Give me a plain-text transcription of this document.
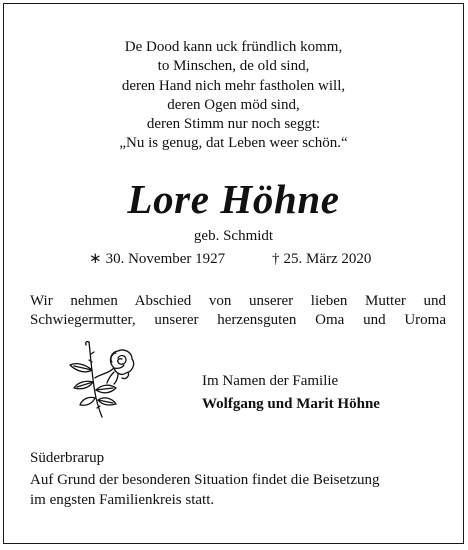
De Dood kann uck fründlich komm,
to Minschen, de old sind,
deren Hand nich mehr fastholen will,
deren Ogen möd sind,
deren Stimm nur noch seggt:
„Nu is genug, dat Leben weer schön.“
Lore Höhne
geb. Schmidt
∗ 30. November 1927	† 25. März 2020
Wir nehmen Abschied von unserer lieben Mutter und
Schwiegermutter, unserer herzensguten Oma und Uroma
Im Namen der Familie
Wolfgang und Marit Höhne
Süderbrarup
Auf Grund der besonderen Situation findet die Beisetzung
im engsten Familienkreis statt.
